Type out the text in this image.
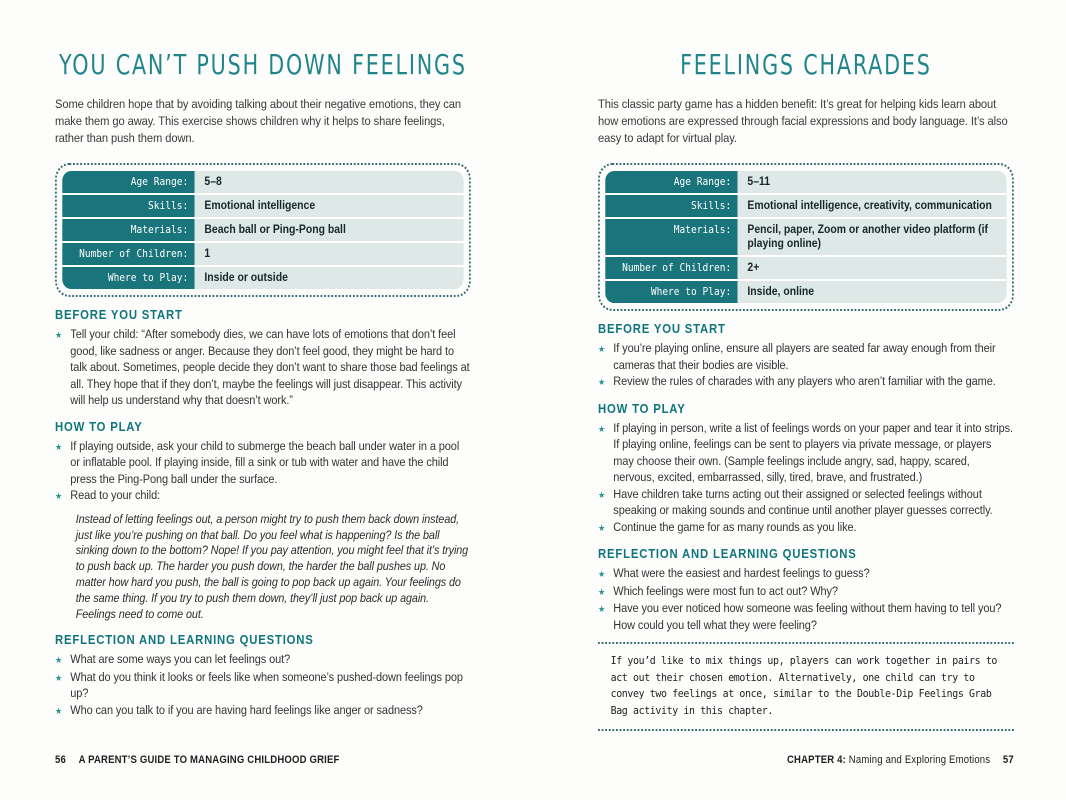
YOU CAN’T PUSH DOWN FEELINGS
Some children hope that by avoiding talking about their negative emotions, they can make them go away. This exercise shows children why it helps to share feelings, rather than push them down.
Age Range:	5–8
Skills:	Emotional intelligence
Materials:	Beach ball or Ping-Pong ball
Number of Children:	1
Where to Play:	Inside or outside
BEFORE YOU START
★ Tell your child: “After somebody dies, we can have lots of emotions that don’t feel good, like sadness or anger. Because they don’t feel good, they might be hard to talk about. Sometimes, people decide they don’t want to share those bad feelings at all. They hope that if they don’t, maybe the feelings will just disappear. This activity will help us understand why that doesn’t work.”
HOW TO PLAY
★ If playing outside, ask your child to submerge the beach ball under water in a pool or inflatable pool. If playing inside, fill a sink or tub with water and have the child press the Ping-Pong ball under the surface.
★ Read to your child:
Instead of letting feelings out, a person might try to push them back down instead, just like you’re pushing on that ball. Do you feel what is happening? Is the ball sinking down to the bottom? Nope! If you pay attention, you might feel that it’s trying to push back up. The harder you push down, the harder the ball pushes up. No matter how hard you push, the ball is going to pop back up again. Your feelings do the same thing. If you try to push them down, they’ll just pop back up again. Feelings need to come out.
REFLECTION AND LEARNING QUESTIONS
★ What are some ways you can let feelings out?
★ What do you think it looks or feels like when someone’s pushed-down feelings pop up?
★ Who can you talk to if you are having hard feelings like anger or sadness?
56 A PARENT’S GUIDE TO MANAGING CHILDHOOD GRIEF
FEELINGS CHARADES
This classic party game has a hidden benefit: It’s great for helping kids learn about how emotions are expressed through facial expressions and body language. It’s also easy to adapt for virtual play.
Age Range:	5–11
Skills:	Emotional intelligence, creativity, communication
Materials:	Pencil, paper, Zoom or another video platform (if playing online)
Number of Children:	2+
Where to Play:	Inside, online
BEFORE YOU START
★ If you’re playing online, ensure all players are seated far away enough from their cameras that their bodies are visible.
★ Review the rules of charades with any players who aren’t familiar with the game.
HOW TO PLAY
★ If playing in person, write a list of feelings words on your paper and tear it into strips. If playing online, feelings can be sent to players via private message, or players may choose their own. (Sample feelings include angry, sad, happy, scared, nervous, excited, embarrassed, silly, tired, brave, and frustrated.)
★ Have children take turns acting out their assigned or selected feelings without speaking or making sounds and continue until another player guesses correctly.
★ Continue the game for as many rounds as you like.
REFLECTION AND LEARNING QUESTIONS
★ What were the easiest and hardest feelings to guess?
★ Which feelings were most fun to act out? Why?
★ Have you ever noticed how someone was feeling without them having to tell you? How could you tell what they were feeling?
If you’d like to mix things up, players can work together in pairs to act out their chosen emotion. Alternatively, one child can try to convey two feelings at once, similar to the Double-Dip Feelings Grab Bag activity in this chapter.
CHAPTER 4: Naming and Exploring Emotions 57
